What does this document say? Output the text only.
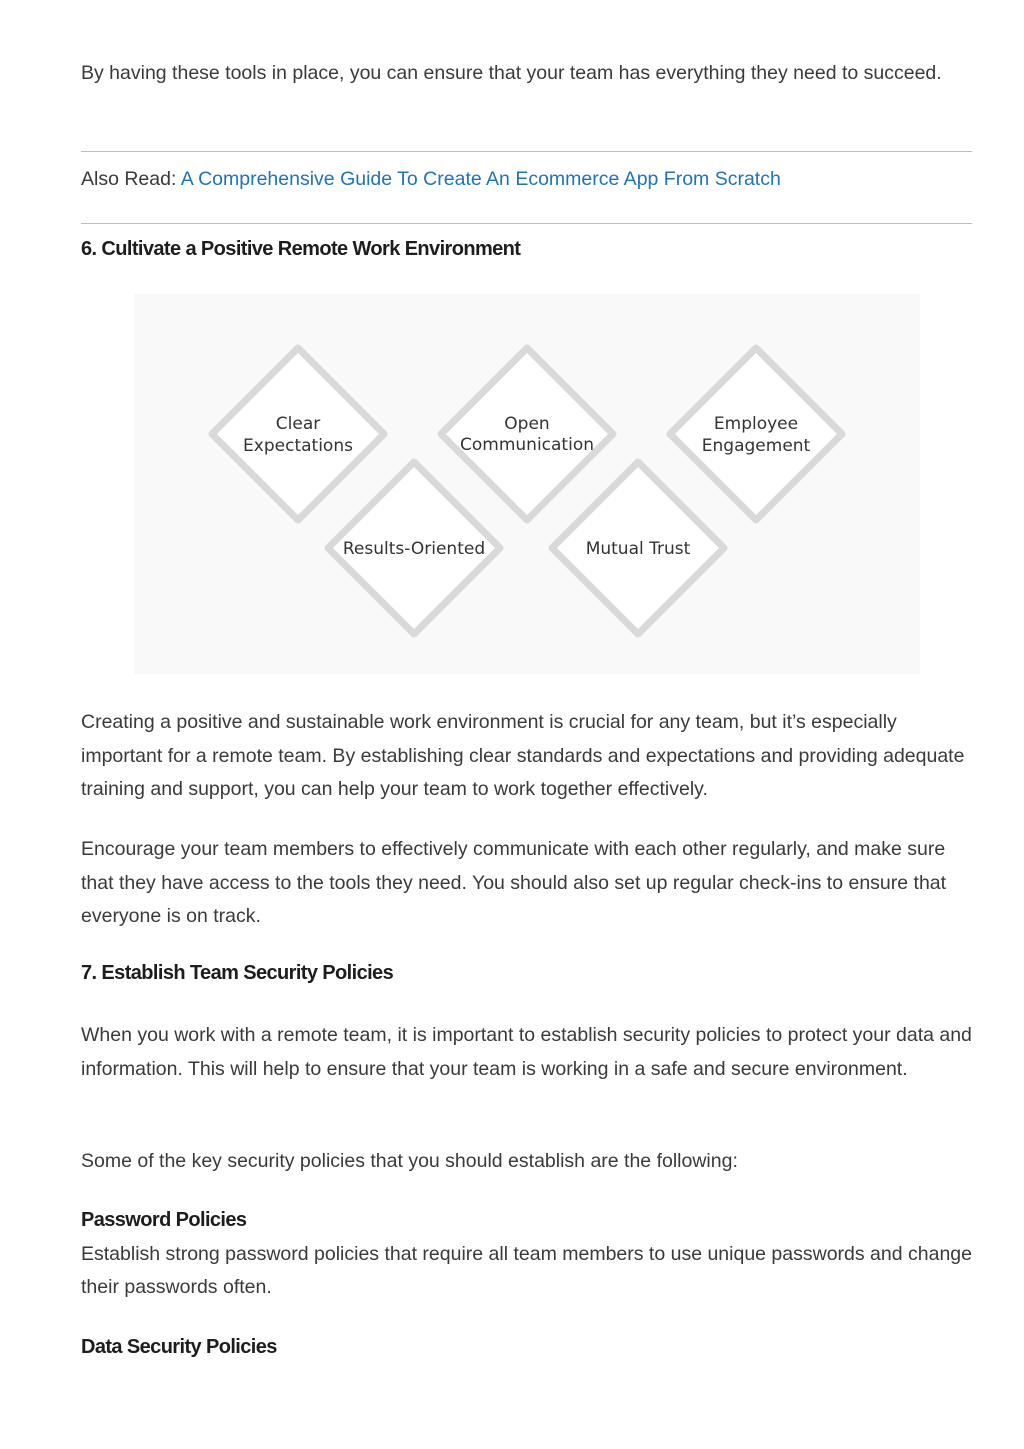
By having these tools in place, you can ensure that your team has everything they need to succeed.

Also Read: A Comprehensive Guide To Create An Ecommerce App From Scratch

6. Cultivate a Positive Remote Work Environment
Clear
Expectations
Open
Communication
Employee
Engagement
Results-Oriented	Mutual Trust

Creating a positive and sustainable work environment is crucial for any team, but it’s especially important for a remote team. By establishing clear standards and expectations and providing adequate training and support, you can help your team to work together effectively.

Encourage your team members to effectively communicate with each other regularly, and make sure that they have access to the tools they need. You should also set up regular check-ins to ensure that everyone is on track.

7. Establish Team Security Policies

When you work with a remote team, it is important to establish security policies to protect your data and information. This will help to ensure that your team is working in a safe and secure environment.

Some of the key security policies that you should establish are the following:

Password Policies

Establish strong password policies that require all team members to use unique passwords and change their passwords often.

Data Security Policies
